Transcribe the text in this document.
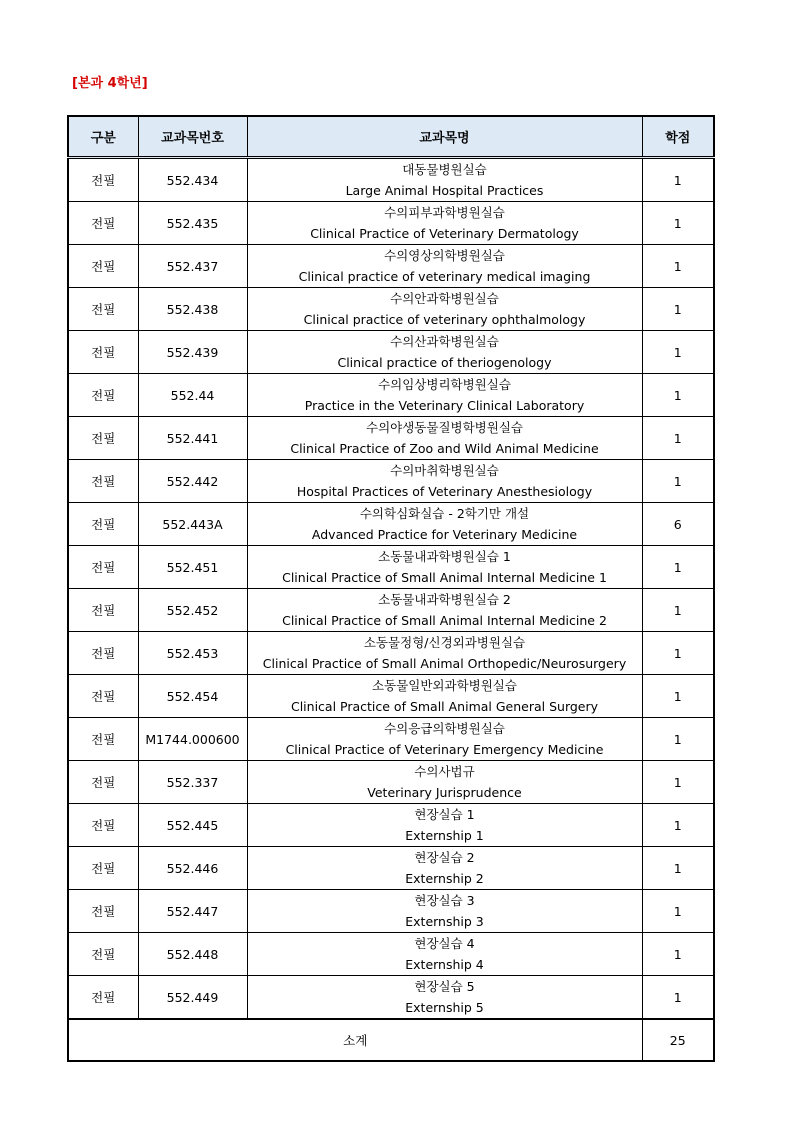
[본과 4학년]
구분	교과목번호	교과목명	학점
전필	552.434	대동물병원실습
Large Animal Hospital Practices	1
전필	552.435	수의피부과학병원실습
Clinical Practice of Veterinary Dermatology	1
전필	552.437	수의영상의학병원실습
Clinical practice of veterinary medical imaging	1
전필	552.438	수의안과학병원실습
Clinical practice of veterinary ophthalmology	1
전필	552.439	수의산과학병원실습
Clinical practice of theriogenology	1
전필	552.44	수의임상병리학병원실습
Practice in the Veterinary Clinical Laboratory	1
전필	552.441	수의야생동물질병학병원실습
Clinical Practice of Zoo and Wild Animal Medicine	1
전필	552.442	수의마취학병원실습
Hospital Practices of Veterinary Anesthesiology	1
전필	552.443A	수의학심화실습 - 2학기만 개설
Advanced Practice for Veterinary Medicine	6
전필	552.451	소동물내과학병원실습 1
Clinical Practice of Small Animal Internal Medicine 1	1
전필	552.452	소동물내과학병원실습 2
Clinical Practice of Small Animal Internal Medicine 2	1
전필	552.453	소동물정형/신경외과병원실습
Clinical Practice of Small Animal Orthopedic/Neurosurgery	1
전필	552.454	소동물일반외과학병원실습
Clinical Practice of Small Animal General Surgery	1
전필	M1744.000600	수의응급의학병원실습
Clinical Practice of Veterinary Emergency Medicine	1
전필	552.337	수의사법규
Veterinary Jurisprudence	1
전필	552.445	현장실습 1
Externship 1	1
전필	552.446	현장실습 2
Externship 2	1
전필	552.447	현장실습 3
Externship 3	1
전필	552.448	현장실습 4
Externship 4	1
전필	552.449	현장실습 5
Externship 5	1
소계			25
